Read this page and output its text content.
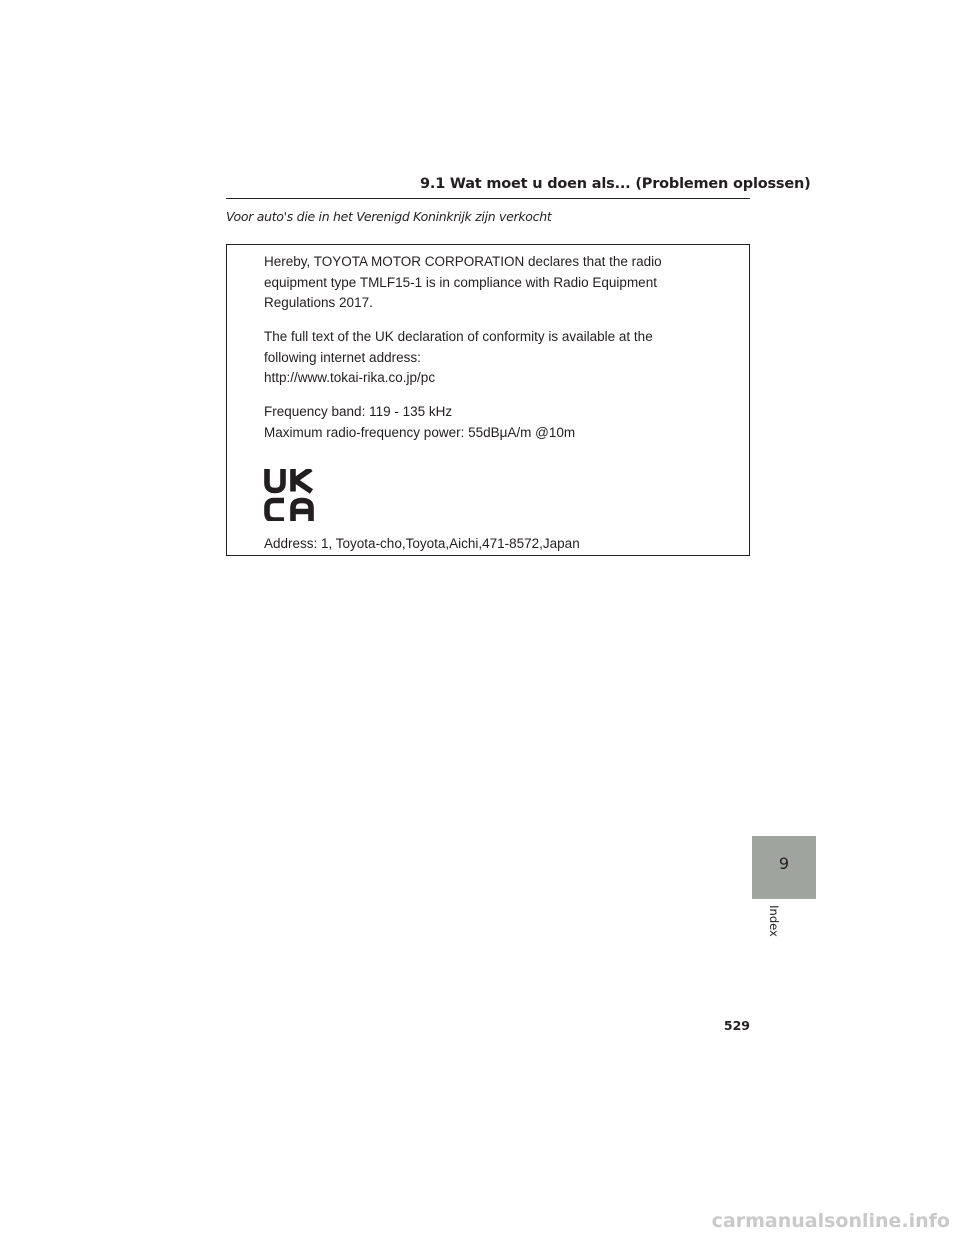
9.1 Wat moet u doen als... (Problemen oplossen)
Voor auto's die in het Verenigd Koninkrijk zijn verkocht
Hereby, TOYOTA MOTOR CORPORATION declares that the radio
equipment type TMLF15-1 is in compliance with Radio Equipment
Regulations 2017.
The full text of the UK declaration of conformity is available at the
following internet address:
http://www.tokai-rika.co.jp/pc
Frequency band: 119 - 135 kHz
Maximum radio-frequency power: 55dBμA/m @10m
Address: 1, Toyota-cho,Toyota,Aichi,471-8572,Japan
9
Index
529
carmanualsonline.info
